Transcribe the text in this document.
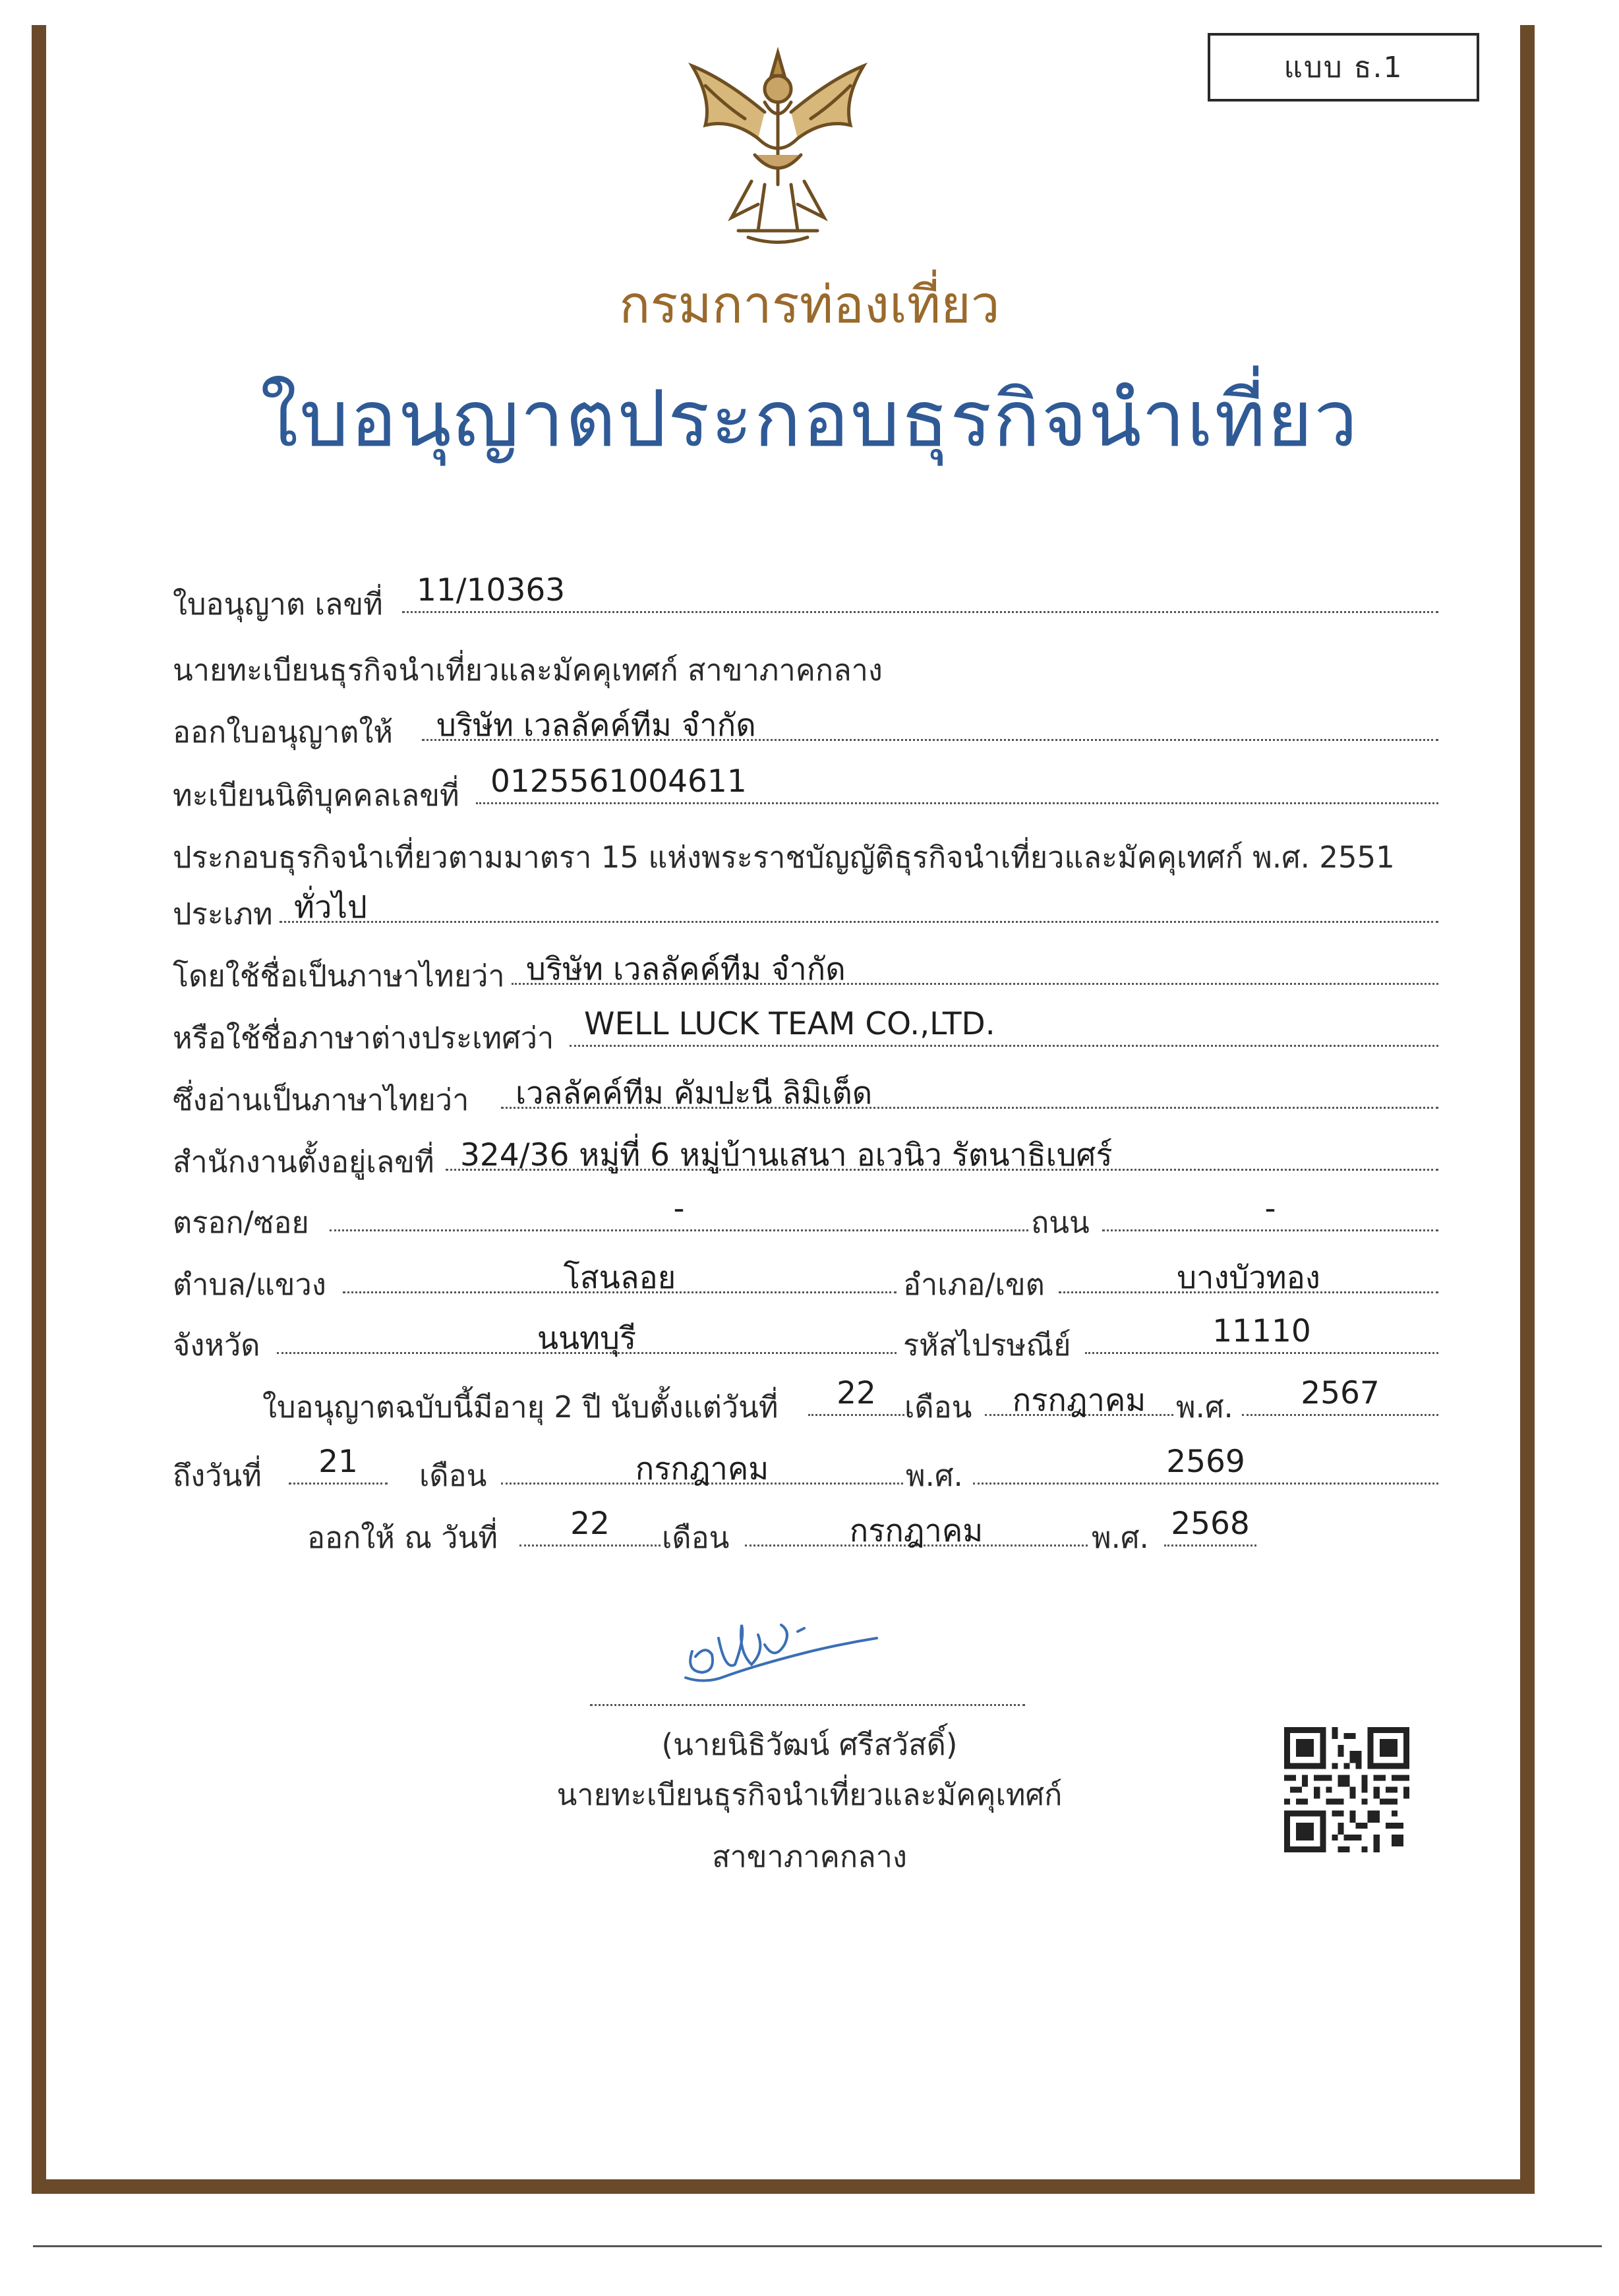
แบบ ธ.1
กรมการท่องเที่ยว
ใบอนุญาตประกอบธุรกิจนำเที่ยว
ใบอนุญาต เลขที่	11/10363
นายทะเบียนธุรกิจนำเที่ยวและมัคคุเทศก์ สาขาภาคกลาง
ออกใบอนุญาตให้	บริษัท เวลลัคค์ทีม จำกัด
ทะเบียนนิติบุคคลเลขที่	0125561004611
ประกอบธุรกิจนำเที่ยวตามมาตรา 15 แห่งพระราชบัญญัติธุรกิจนำเที่ยวและมัคคุเทศก์ พ.ศ. 2551
ประเภท ทั่วไป
โดยใช้ชื่อเป็นภาษาไทยว่า บริษัท เวลลัคค์ทีม จำกัด
หรือใช้ชื่อภาษาต่างประเทศว่า WELL LUCK TEAM CO.,LTD.
ซึ่งอ่านเป็นภาษาไทยว่า	เวลลัคค์ทีม คัมปะนี ลิมิเต็ด
สำนักงานตั้งอยู่เลขที่ 324/36 หมู่ที่ 6 หมู่บ้านเสนา อเวนิว รัตนาธิเบศร์
ตรอก/ซอย	-	ถนน	-
ตำบล/แขวง	โสนลอย	อำเภอ/เขต	บางบัวทอง
จังหวัด	นนทบุรี	รหัสไปรษณีย์	11110
ใบอนุญาตฉบับนี้มีอายุ 2 ปี นับตั้งแต่วันที่	22 เดือน	กรกฎาคม	พ.ศ.	2567
ถึงวันที่	21	เดือน	กรกฎาคม	พ.ศ.	2569
ออกให้ ณ วันที่	22	เดือน	กรกฎาคม	พ.ศ. 2568
(นายนิธิวัฒน์ ศรีสวัสดิ์)
นายทะเบียนธุรกิจนำเที่ยวและมัคคุเทศก์
สาขาภาคกลาง
